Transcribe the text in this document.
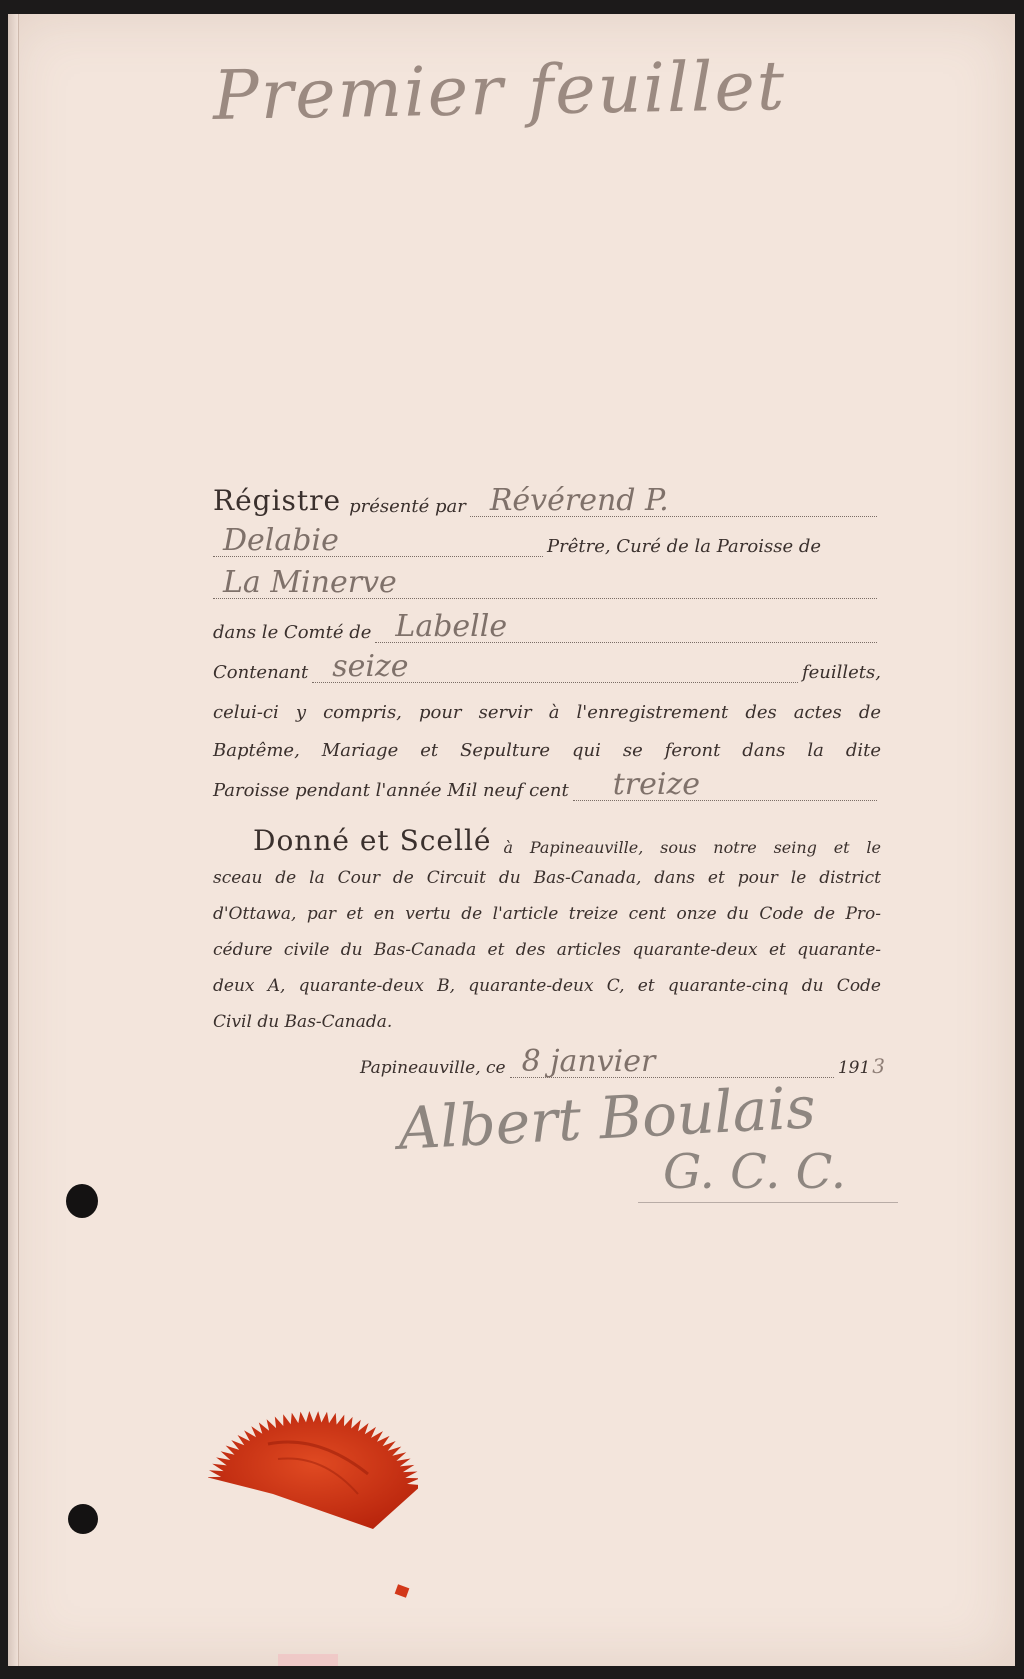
Premier feuillet
Régistre présenté par Révérend P.
Delabie	Prêtre, Curé de la Paroisse de
La Minerve
dans le Comté de Labelle
Contenant seize	feuillets,
celui-ci y compris, pour servir à l'enregistrement des actes de
Baptême, Mariage et Sepulture qui se feront dans la dite
Paroisse pendant l'année Mil neuf cent treize
Donné et Scellé à Papineauville, sous notre seing et le
sceau de la Cour de Circuit du Bas-Canada, dans et pour le district
d'Ottawa, par et en vertu de l'article treize cent onze du Code de Pro-
cédure civile du Bas-Canada et des articles quarante-deux et quarante-
deux A, quarante-deux B, quarante-deux C, et quarante-cinq du Code
Civil du Bas-Canada.
Papineauville, ce 8 janvier	191 3
Albert Boulais
G. C. C.
